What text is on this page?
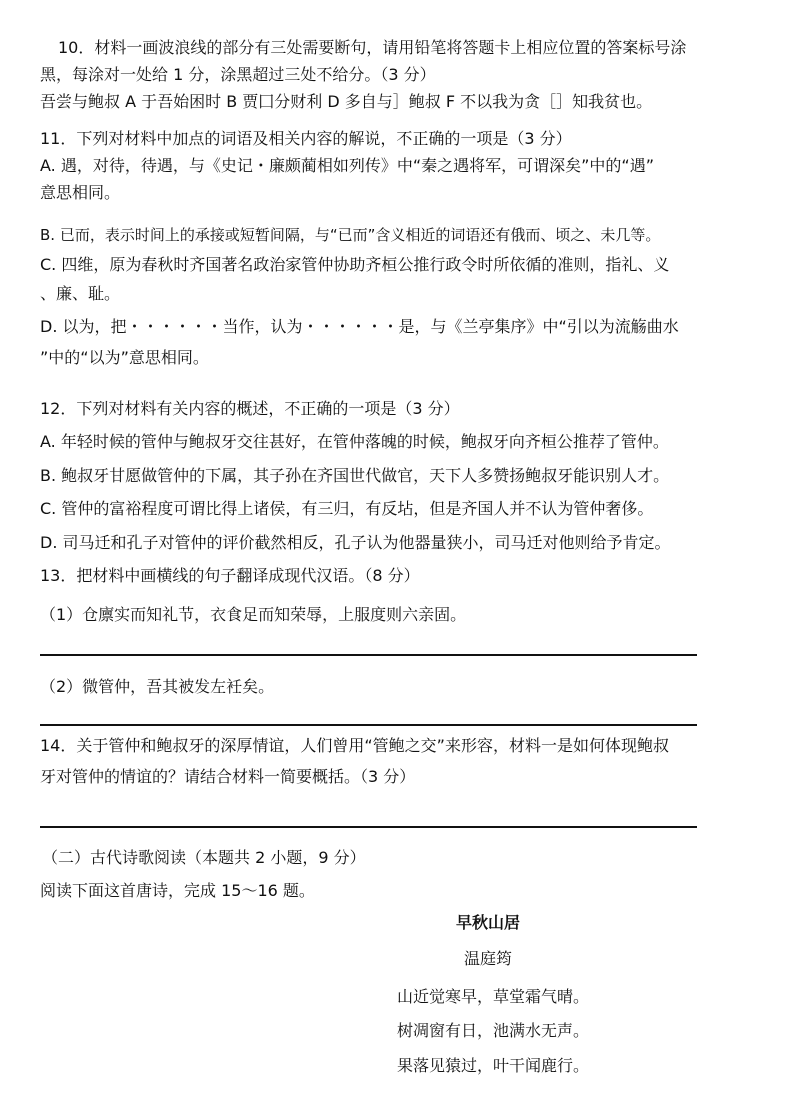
10．材料一画波浪线的部分有三处需要断句，请用铅笔将答题卡上相应位置的答案标号涂
黑，每涂对一处给 1 分，涂黑超过三处不给分。（3 分）
吾尝与鲍叔 A 于吾始困时 B 贾囗分财利 D 多自与］鲍叔 F 不以我为贪［］知我贫也。
11．下列对材料中加点的词语及相关内容的解说，不正确的一项是（3 分）
A. 遇，对待，待遇，与《史记・廉颇蔺相如列传》中“秦之遇将军，可谓深矣”中的“遇”
意思相同。
B. 已而，表示时间上的承接或短暂间隔，与“已而”含义相近的词语还有俄而、顷之、未几等。
C. 四维，原为春秋时齐国著名政治家管仲协助齐桓公推行政令时所依循的准则，指礼、义
、廉、耻。
D. 以为，把・・・・・・当作，认为・・・・・・是，与《兰亭集序》中“引以为流觞曲水
”中的“以为”意思相同。
12．下列对材料有关内容的概述，不正确的一项是（3 分）
A. 年轻时候的管仲与鲍叔牙交往甚好，在管仲落魄的时候，鲍叔牙向齐桓公推荐了管仲。
B. 鲍叔牙甘愿做管仲的下属，其子孙在齐国世代做官，天下人多赞扬鲍叔牙能识别人才。
C. 管仲的富裕程度可谓比得上诸侯，有三归，有反坫，但是齐国人并不认为管仲奢侈。
D. 司马迁和孔子对管仲的评价截然相反，孔子认为他器量狭小，司马迁对他则给予肯定。
13．把材料中画横线的句子翻译成现代汉语。（8 分）
（1）仓廪实而知礼节，衣食足而知荣辱，上服度则六亲固。
（2）微管仲，吾其被发左衽矣。
14．关于管仲和鲍叔牙的深厚情谊，人们曾用“管鲍之交”来形容，材料一是如何体现鲍叔
牙对管仲的情谊的？请结合材料一简要概括。（3 分）
（二）古代诗歌阅读（本题共 2 小题，9 分）
阅读下面这首唐诗，完成 15～16 题。
早秋山居
温庭筠
山近觉寒早，草堂霜气晴。
树凋窗有日，池满水无声。
果落见猿过，叶干闻鹿行。
